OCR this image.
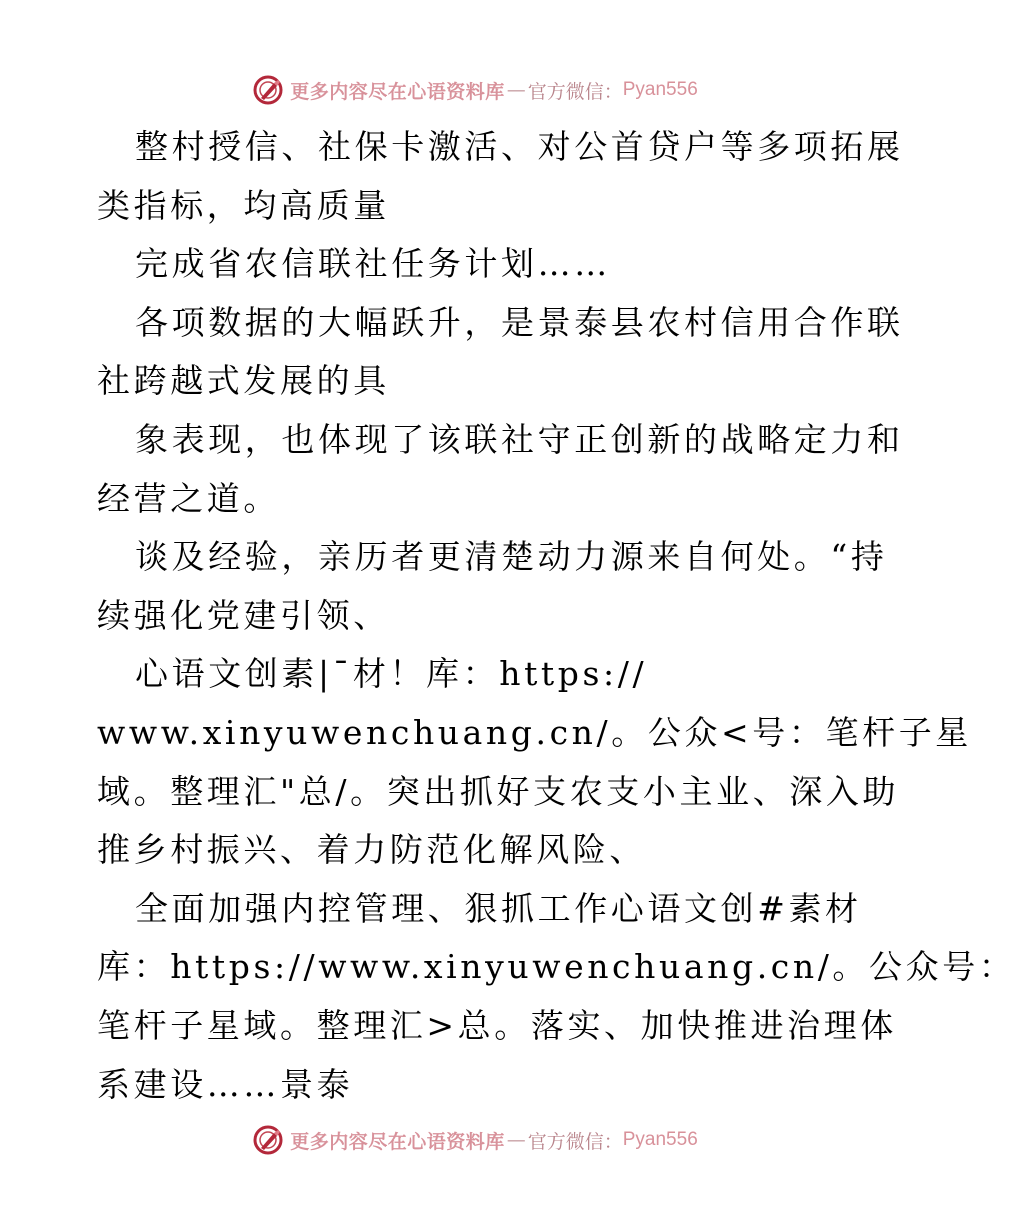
更多内容尽在心语资料库 — 官方微信： Pyan556
整村授信、社保卡激活、对公首贷户等多项拓展
类指标，均高质量
完成省农信联社任务计划……
各项数据的大幅跃升，是景泰县农村信用合作联
社跨越式发展的具
象表现，也体现了该联社守正创新的战略定力和
经营之道。
谈及经验，亲历者更清楚动力源来自何处。“持
续强化党建引领、
心语文创素|¯材！库：https://
www.xinyuwenchuang.cn/。公众<号：笔杆子星
域。整理汇"总/。突出抓好支农支小主业、深入助
推乡村振兴、着力防范化解风险、
全面加强内控管理、狠抓工作心语文创#素材
库：https://www.xinyuwenchuang.cn/。公众号：
笔杆子星域。整理汇>总。落实、加快推进治理体
系建设……景泰
更多内容尽在心语资料库 — 官方微信： Pyan556
